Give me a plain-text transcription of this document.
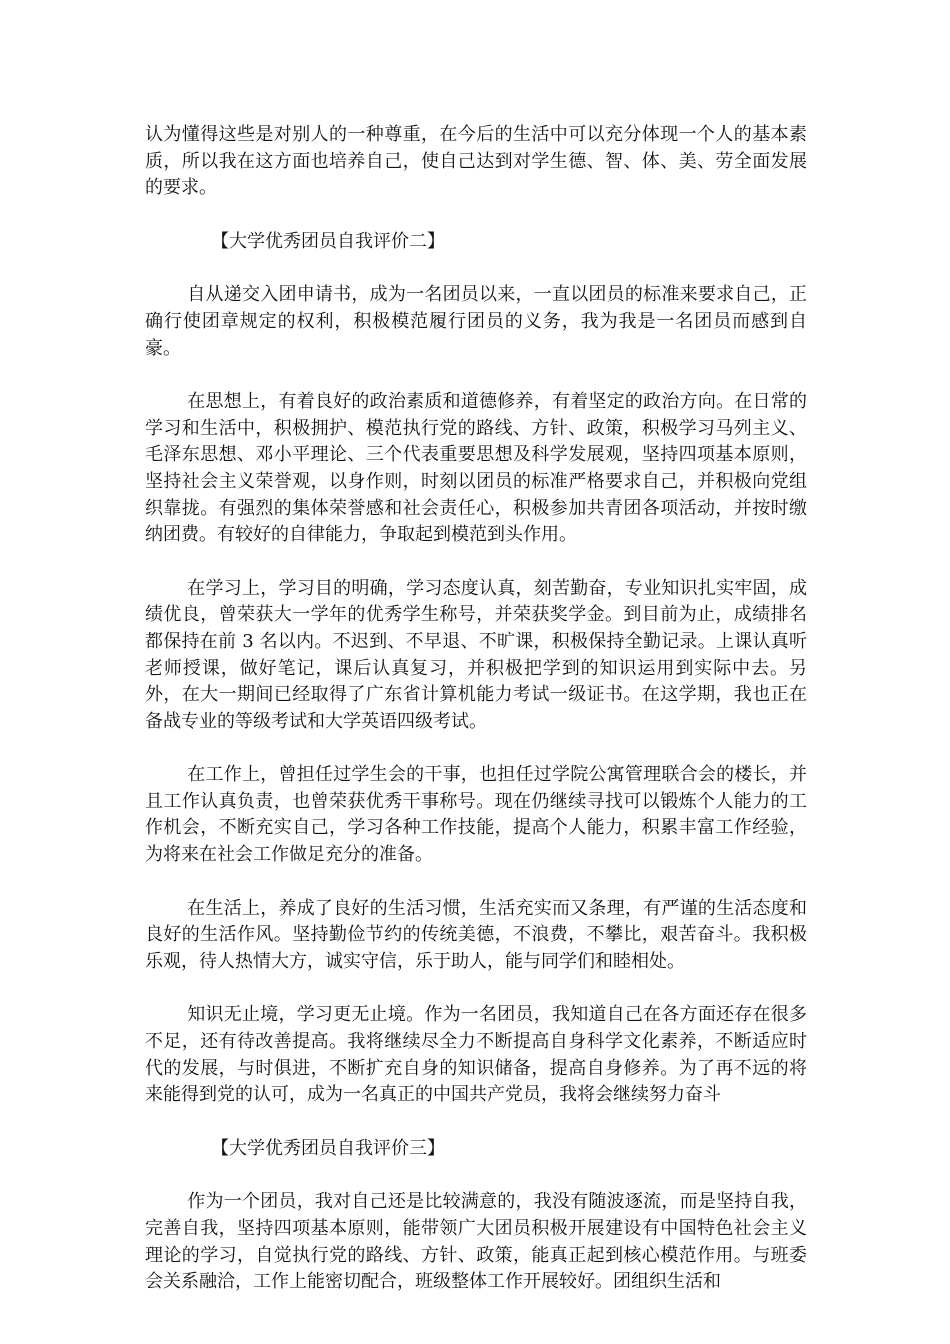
认为懂得这些是对别人的一种尊重，在今后的生活中可以充分体现一个人的基本素质，所以我在这方面也培养自己，使自己达到对学生德、智、体、美、劳全面发展的要求。

【大学优秀团员自我评价二】

自从递交入团申请书，成为一名团员以来，一直以团员的标准来要求自己，正确行使团章规定的权利，积极模范履行团员的义务，我为我是一名团员而感到自豪。

在思想上，有着良好的政治素质和道德修养，有着坚定的政治方向。在日常的学习和生活中，积极拥护、模范执行党的路线、方针、政策，积极学习马列主义、毛泽东思想、邓小平理论、三个代表重要思想及科学发展观，坚持四项基本原则，坚持社会主义荣誉观，以身作则，时刻以团员的标准严格要求自己，并积极向党组织靠拢。有强烈的集体荣誉感和社会责任心，积极参加共青团各项活动，并按时缴纳团费。有较好的自律能力，争取起到模范到头作用。

在学习上，学习目的明确，学习态度认真，刻苦勤奋，专业知识扎实牢固，成绩优良，曾荣获大一学年的优秀学生称号，并荣获奖学金。到目前为止，成绩排名都保持在前 3 名以内。不迟到、不早退、不旷课，积极保持全勤记录。上课认真听老师授课，做好笔记，课后认真复习，并积极把学到的知识运用到实际中去。另外，在大一期间已经取得了广东省计算机能力考试一级证书。在这学期，我也正在备战专业的等级考试和大学英语四级考试。

在工作上，曾担任过学生会的干事，也担任过学院公寓管理联合会的楼长，并且工作认真负责，也曾荣获优秀干事称号。现在仍继续寻找可以锻炼个人能力的工作机会，不断充实自己，学习各种工作技能，提高个人能力，积累丰富工作经验，为将来在社会工作做足充分的准备。

在生活上，养成了良好的生活习惯，生活充实而又条理，有严谨的生活态度和良好的生活作风。坚持勤俭节约的传统美德，不浪费，不攀比，艰苦奋斗。我积极乐观，待人热情大方，诚实守信，乐于助人，能与同学们和睦相处。

知识无止境，学习更无止境。作为一名团员，我知道自己在各方面还存在很多不足，还有待改善提高。我将继续尽全力不断提高自身科学文化素养，不断适应时代的发展，与时俱进，不断扩充自身的知识储备，提高自身修养。为了再不远的将来能得到党的认可，成为一名真正的中国共产党员，我将会继续努力奋斗

【大学优秀团员自我评价三】

作为一个团员，我对自己还是比较满意的，我没有随波逐流，而是坚持自我，完善自我，坚持四项基本原则，能带领广大团员积极开展建设有中国特色社会主义理论的学习，自觉执行党的路线、方针、政策，能真正起到核心模范作用。与班委会关系融洽，工作上能密切配合，班级整体工作开展较好。团组织生活和
